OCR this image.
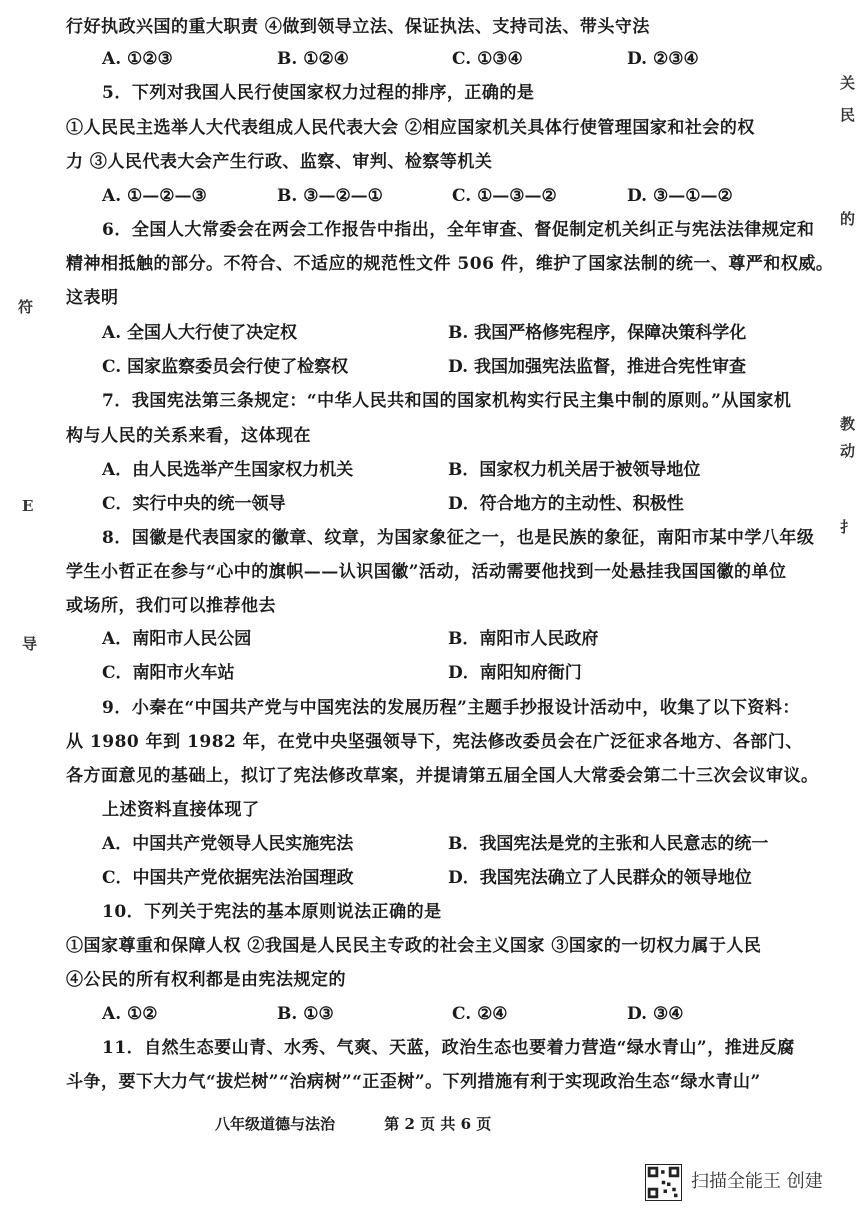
行好执政兴国的重大职责 ④做到领导立法、保证执法、支持司法、带头守法
A. ①②③	B. ①②④	C. ①③④	D. ②③④
5．下列对我国人民行使国家权力过程的排序，正确的是
①人民民主选举人大代表组成人民代表大会 ②相应国家机关具体行使管理国家和社会的权
力 ③人民代表大会产生行政、监察、审判、检察等机关
A. ①—②—③	B. ③—②—①	C. ①—③—②	D. ③—①—②
6．全国人大常委会在两会工作报告中指出，全年审查、督促制定机关纠正与宪法法律规定和
精神相抵触的部分。不符合、不适应的规范性文件 506 件，维护了国家法制的统一、尊严和权威。
这表明
A. 全国人大行使了决定权	B. 我国严格修宪程序，保障决策科学化
C. 国家监察委员会行使了检察权	D. 我国加强宪法监督，推进合宪性审查
7．我国宪法第三条规定：“中华人民共和国的国家机构实行民主集中制的原则。”从国家机
构与人民的关系来看，这体现在
A．由人民选举产生国家权力机关	B．国家权力机关居于被领导地位
C．实行中央的统一领导	D．符合地方的主动性、积极性
8．国徽是代表国家的徽章、纹章，为国家象征之一，也是民族的象征，南阳市某中学八年级
学生小哲正在参与“心中的旗帜——认识国徽”活动，活动需要他找到一处悬挂我国国徽的单位
或场所，我们可以推荐他去
A．南阳市人民公园	B．南阳市人民政府
C．南阳市火车站	D．南阳知府衙门
9．小秦在“中国共产党与中国宪法的发展历程”主题手抄报设计活动中，收集了以下资料：
从 1980 年到 1982 年，在党中央坚强领导下，宪法修改委员会在广泛征求各地方、各部门、
各方面意见的基础上，拟订了宪法修改草案，并提请第五届全国人大常委会第二十三次会议审议。
上述资料直接体现了
A．中国共产党领导人民实施宪法	B．我国宪法是党的主张和人民意志的统一
C．中国共产党依据宪法治国理政	D．我国宪法确立了人民群众的领导地位
10．下列关于宪法的基本原则说法正确的是
①国家尊重和保障人权 ②我国是人民民主专政的社会主义国家 ③国家的一切权力属于人民
④公民的所有权利都是由宪法规定的
A. ①②	B. ①③	C. ②④	D. ③④
11．自然生态要山青、水秀、气爽、天蓝，政治生态也要着力营造“绿水青山”，推进反腐
斗争，要下大力气“拔烂树”“治病树”“正歪树”。下列措施有利于实现政治生态“绿水青山”
关
民
的
符
教
动
E
扌
导
八年级道德与法治	第 2 页 共 6 页
扫描全能王 创建
